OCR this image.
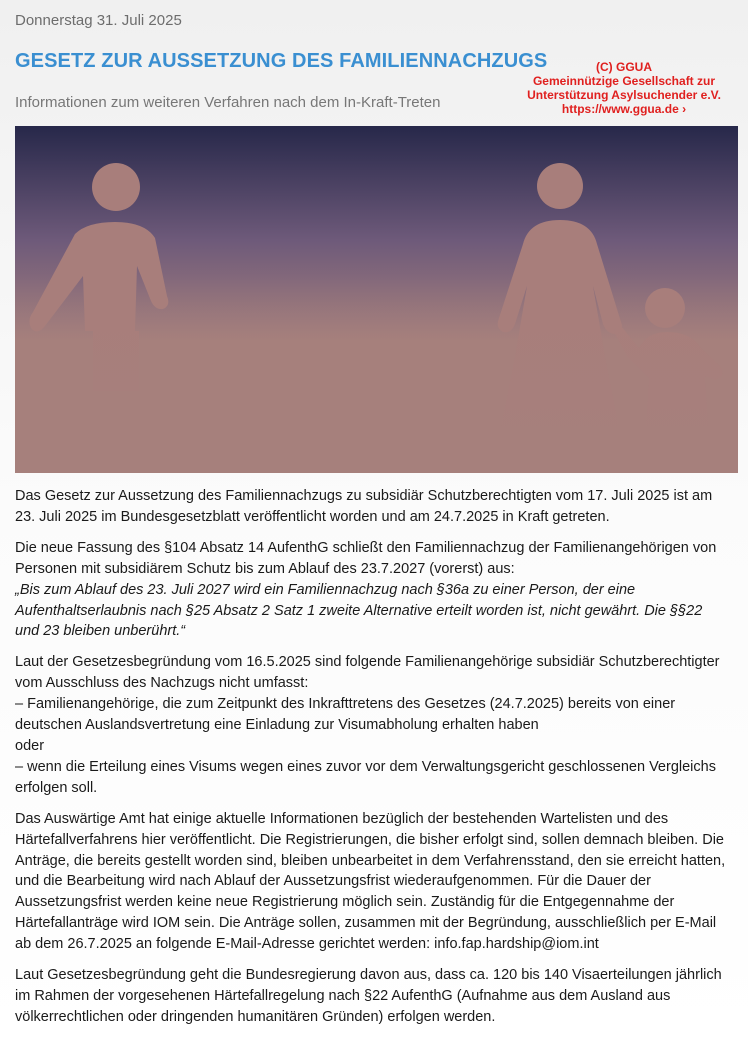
Donnerstag 31. Juli 2025
GESETZ ZUR AUSSETZUNG DES FAMILIENNACHZUGS	(C) GGUA
Gemeinnützige Gesellschaft zur
Unterstützung Asylsuchender e.V.
https://www.ggua.de ›
Informationen zum weiteren Verfahren nach dem In-Kraft-Treten

Das Gesetz zur Aussetzung des Familiennachzugs zu subsidiär Schutzberechtigten vom 17. Juli 2025 ist am 23. Juli 2025 im Bundesgesetzblatt veröffentlicht worden und am 24.7.2025 in Kraft getreten.

Die neue Fassung des §104 Absatz 14 AufenthG schließt den Familiennachzug der Familienangehörigen von Personen mit subsidiärem Schutz bis zum Ablauf des 23.7.2027 (vorerst) aus:
„Bis zum Ablauf des 23. Juli 2027 wird ein Familiennachzug nach §36a zu einer Person, der eine Aufenthaltserlaubnis nach §25 Absatz 2 Satz 1 zweite Alternative erteilt worden ist, nicht gewährt. Die §§22 und 23 bleiben unberührt.“

Laut der Gesetzesbegründung vom 16.5.2025 sind folgende Familienangehörige subsidiär Schutzberechtigter vom Ausschluss des Nachzugs nicht umfasst:
– Familienangehörige, die zum Zeitpunkt des Inkrafttretens des Gesetzes (24.7.2025) bereits von einer deutschen Auslandsvertretung eine Einladung zur Visumabholung erhalten haben
oder
– wenn die Erteilung eines Visums wegen eines zuvor vor dem Verwaltungsgericht geschlossenen Vergleichs erfolgen soll.

Das Auswärtige Amt hat einige aktuelle Informationen bezüglich der bestehenden Wartelisten und des Härtefallverfahrens hier veröffentlicht. Die Registrierungen, die bisher erfolgt sind, sollen demnach bleiben. Die Anträge, die bereits gestellt worden sind, bleiben unbearbeitet in dem Verfahrensstand, den sie erreicht hatten, und die Bearbeitung wird nach Ablauf der Aussetzungsfrist wiederaufgenommen. Für die Dauer der Aussetzungsfrist werden keine neue Registrierung möglich sein. Zuständig für die Entgegennahme der Härtefallanträge wird IOM sein. Die Anträge sollen, zusammen mit der Begründung, ausschließlich per E-Mail ab dem 26.7.2025 an folgende E-Mail-Adresse gerichtet werden: info.fap.hardship@iom.int

Laut Gesetzesbegründung geht die Bundesregierung davon aus, dass ca. 120 bis 140 Visaerteilungen jährlich im Rahmen der vorgesehenen Härtefallregelung nach §22 AufenthG (Aufnahme aus dem Ausland aus völkerrechtlichen oder dringenden humanitären Gründen) erfolgen werden.
